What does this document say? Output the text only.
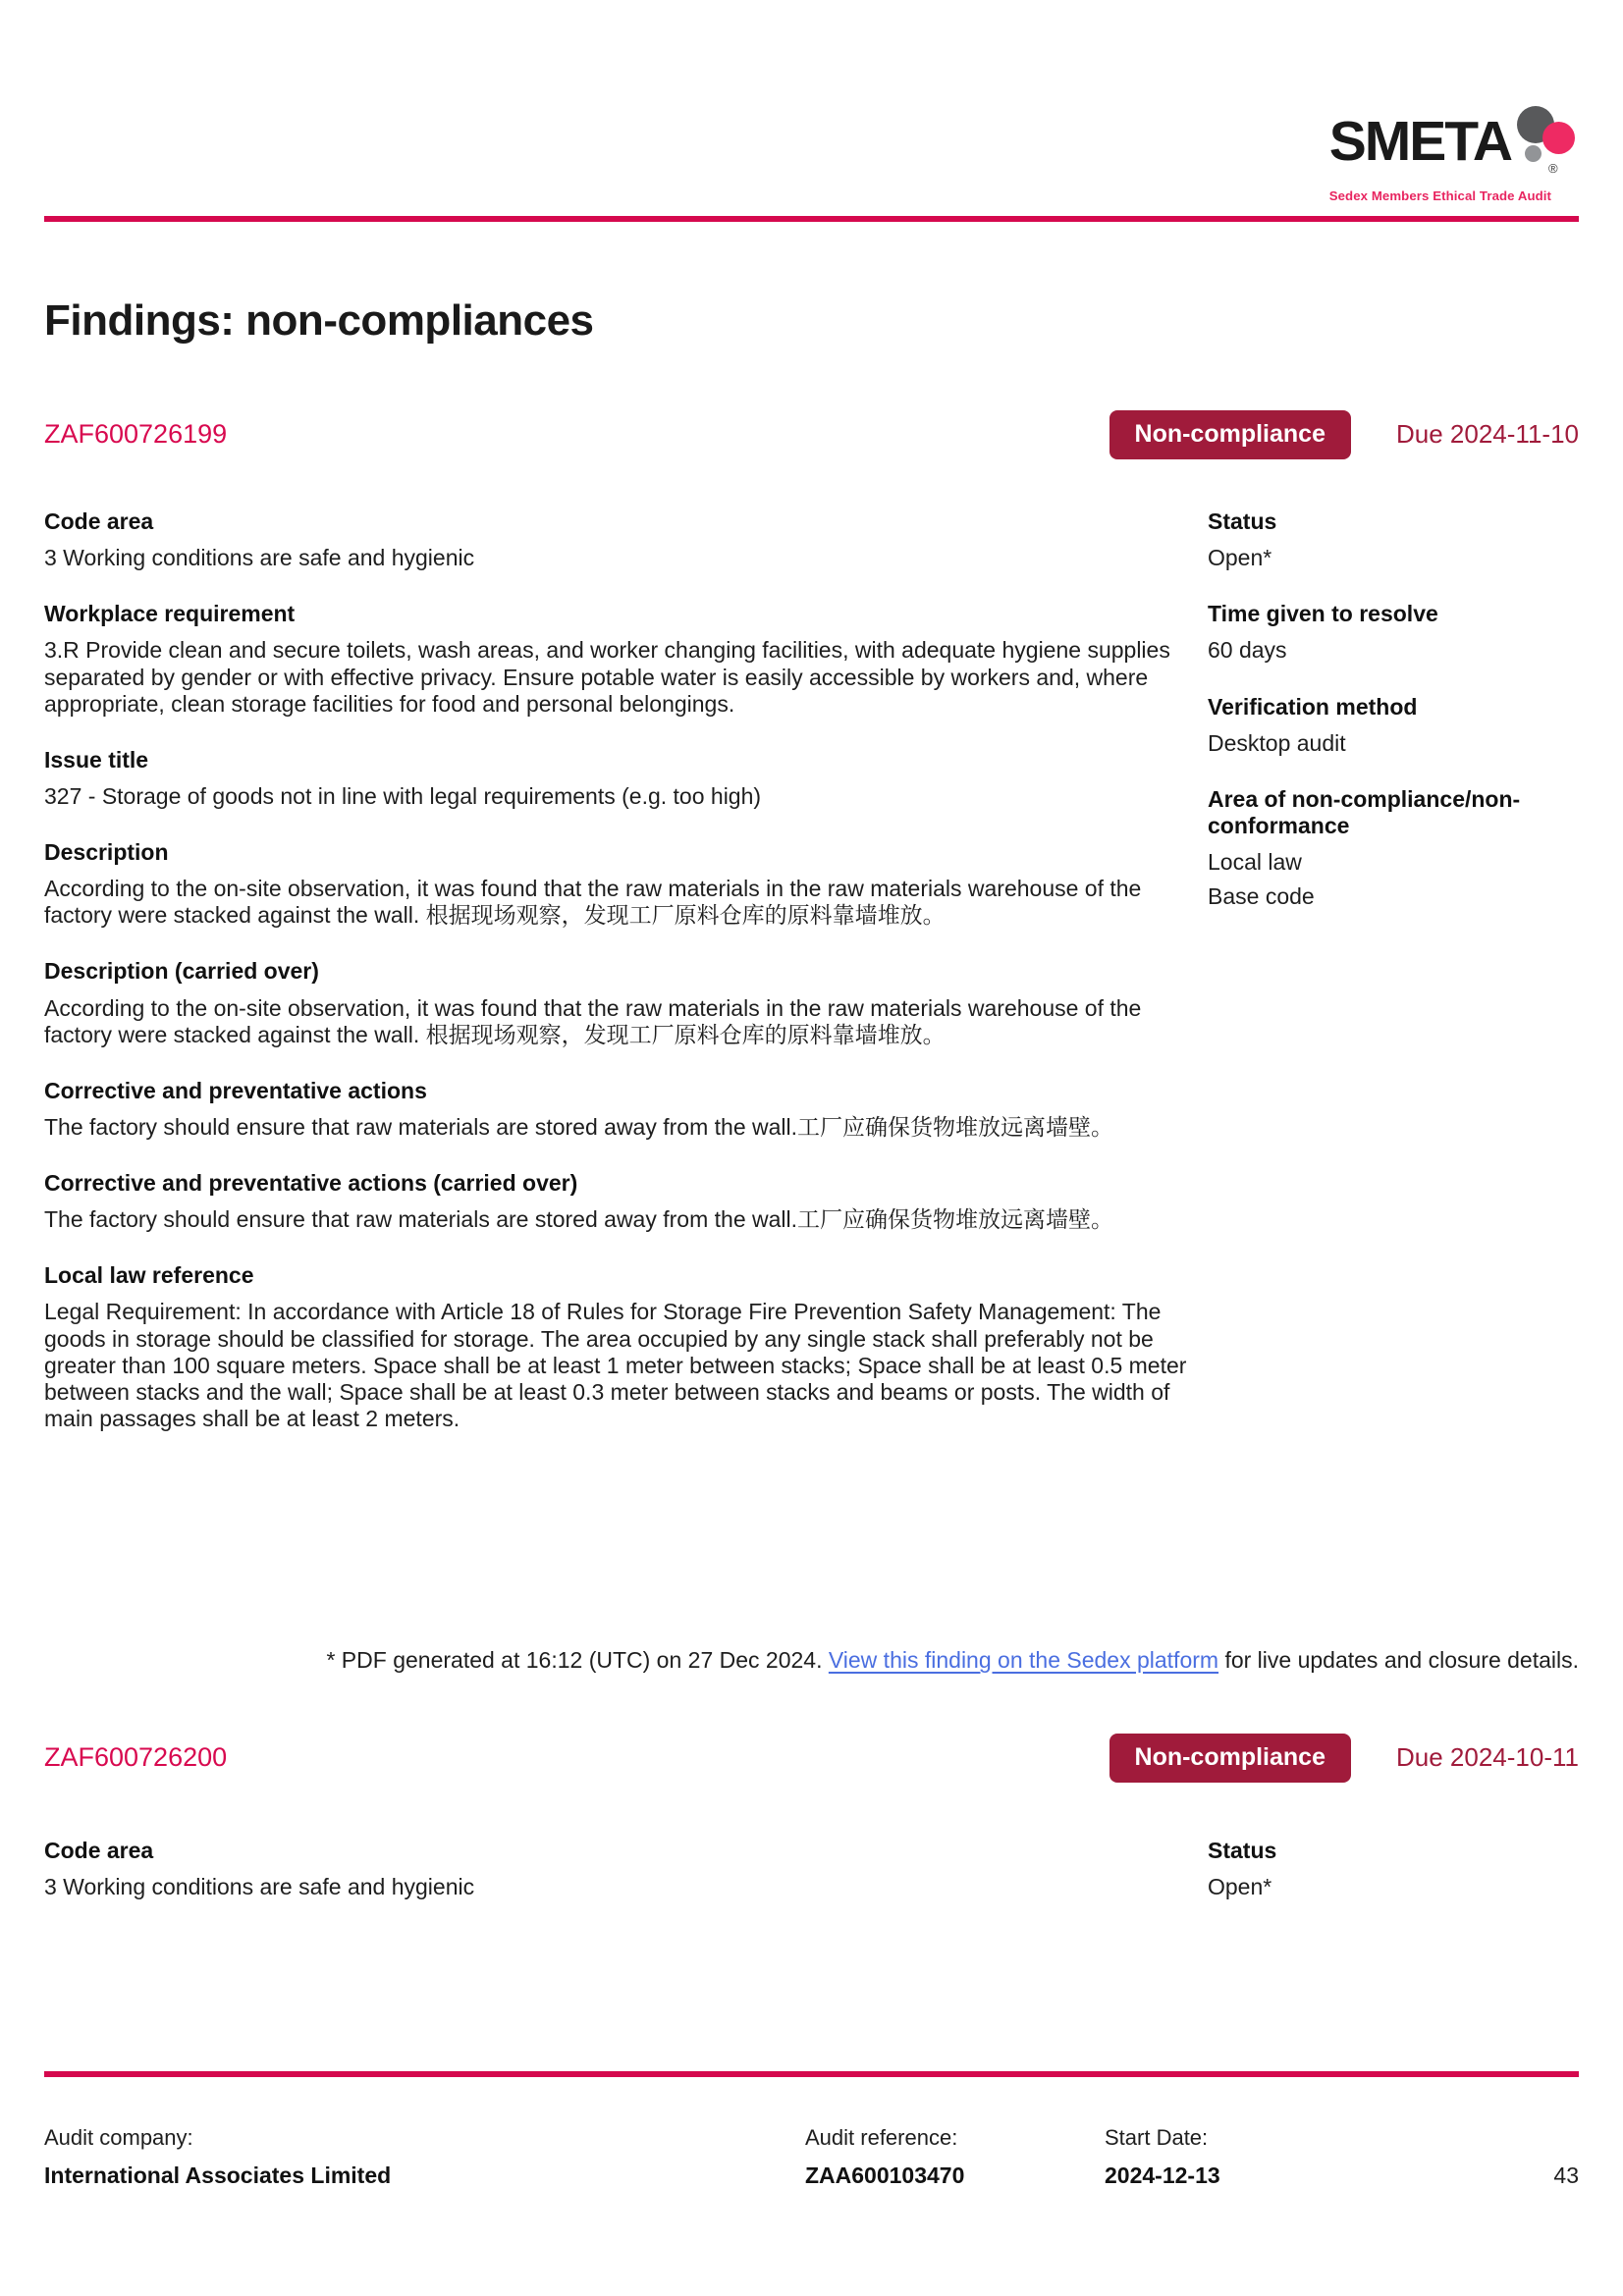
SMETA	®
Sedex Members Ethical Trade Audit
Findings: non-compliances
ZAF600726199	Non-compliance	Due 2024-11-10
Code area
3 Working conditions are safe and hygienic
Workplace requirement
3.R Provide clean and secure toilets, wash areas, and worker changing facilities, with adequate hygiene supplies separated by gender or with effective privacy. Ensure potable water is easily accessible by workers and, where appropriate, clean storage facilities for food and personal belongings.
Issue title
327 - Storage of goods not in line with legal requirements (e.g. too high)
Description
According to the on-site observation, it was found that the raw materials in the raw materials warehouse of the factory were stacked against the wall. 根据现场观察，发现工厂原料仓库的原料靠墙堆放。
Description (carried over)
According to the on-site observation, it was found that the raw materials in the raw materials warehouse of the factory were stacked against the wall. 根据现场观察，发现工厂原料仓库的原料靠墙堆放。
Corrective and preventative actions
The factory should ensure that raw materials are stored away from the wall.工厂应确保货物堆放远离墙壁。
Corrective and preventative actions (carried over)
The factory should ensure that raw materials are stored away from the wall.工厂应确保货物堆放远离墙壁。
Local law reference
Legal Requirement: In accordance with Article 18 of Rules for Storage Fire Prevention Safety Management: The goods in storage should be classified for storage. The area occupied by any single stack shall preferably not be greater than 100 square meters. Space shall be at least 1 meter between stacks; Space shall be at least 0.5 meter between stacks and the wall; Space shall be at least 0.3 meter between stacks and beams or posts. The width of main passages shall be at least 2 meters.
Status
Open*
Time given to resolve
60 days
Verification method
Desktop audit
Area of non-compliance/non-conformance
Local law
Base code
* PDF generated at 16:12 (UTC) on 27 Dec 2024. View this finding on the Sedex platform for live updates and closure details.
ZAF600726200	Non-compliance	Due 2024-10-11
Code area
3 Working conditions are safe and hygienic
Status
Open*
Audit company:
International Associates Limited
Audit reference:
ZAA600103470
Start Date:
2024-12-13	43
